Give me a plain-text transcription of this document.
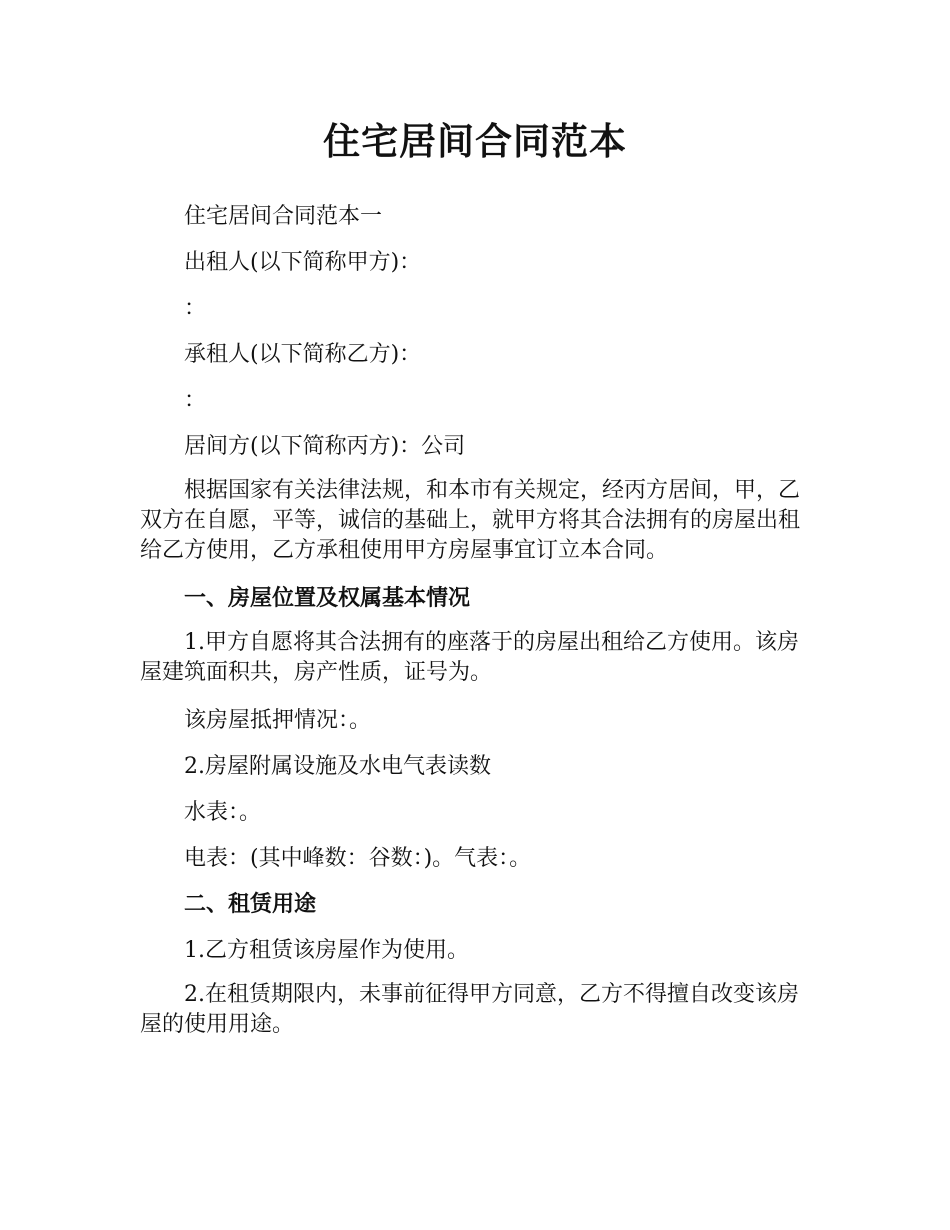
住宅居间合同范本

住宅居间合同范本一

出租人(以下简称甲方)：

：

承租人(以下简称乙方)：

：

居间方(以下简称丙方)：公司

根据国家有关法律法规，和本市有关规定，经丙方居间，甲，乙双方在自愿，平等，诚信的基础上，就甲方将其合法拥有的房屋出租给乙方使用，乙方承租使用甲方房屋事宜订立本合同。

一、房屋位置及权属基本情况

1.甲方自愿将其合法拥有的座落于的房屋出租给乙方使用。该房屋建筑面积共，房产性质，证号为。

该房屋抵押情况：。

2.房屋附属设施及水电气表读数

水表：。

电表：(其中峰数：谷数：)。气表：。

二、租赁用途

1.乙方租赁该房屋作为使用。

2.在租赁期限内，未事前征得甲方同意，乙方不得擅自改变该房屋的使用用途。
